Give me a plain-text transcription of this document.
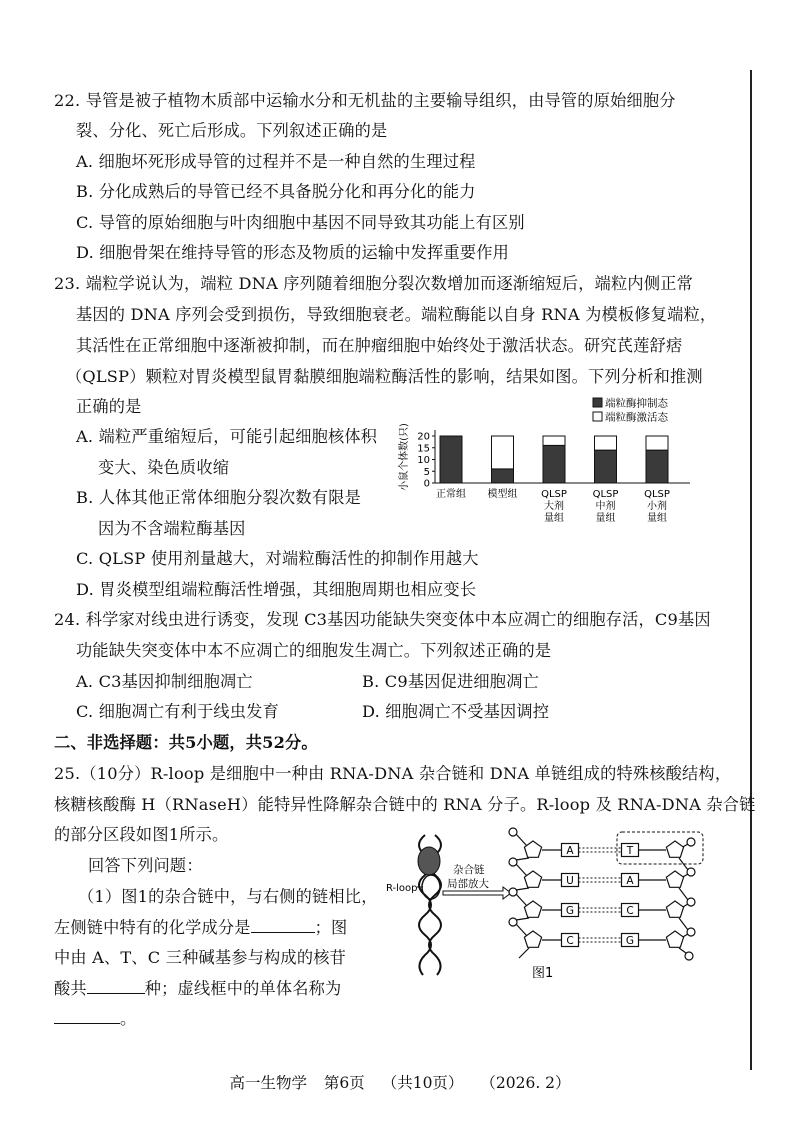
22. 导管是被子植物木质部中运输水分和无机盐的主要输导组织，由导管的原始细胞分
裂、分化、死亡后形成。下列叙述正确的是
A. 细胞坏死形成导管的过程并不是一种自然的生理过程
B. 分化成熟后的导管已经不具备脱分化和再分化的能力
C. 导管的原始细胞与叶肉细胞中基因不同导致其功能上有区别
D. 细胞骨架在维持导管的形态及物质的运输中发挥重要作用
23. 端粒学说认为，端粒 DNA 序列随着细胞分裂次数增加而逐渐缩短后，端粒内侧正常
基因的 DNA 序列会受到损伤，导致细胞衰老。端粒酶能以自身 RNA 为模板修复端粒，
其活性在正常细胞中逐渐被抑制，而在肿瘤细胞中始终处于激活状态。研究芪莲舒痞
（QLSP）颗粒对胃炎模型鼠胃黏膜细胞端粒酶活性的影响，结果如图。下列分析和推测
正确的是
A. 端粒严重缩短后，可能引起细胞核体积
变大、染色质收缩
B. 人体其他正常体细胞分裂次数有限是
因为不含端粒酶基因
C. QLSP 使用剂量越大，对端粒酶活性的抑制作用越大
D. 胃炎模型组端粒酶活性增强，其细胞周期也相应变长
小鼠个体数(只) 0
5
10
15
20
正常组 模型组 QLSP
大剂
量组
QLSP
中剂
量组
QLSP
小剂
量组
端粒酶抑制态
端粒酶激活态
24. 科学家对线虫进行诱变，发现 C3基因功能缺失突变体中本应凋亡的细胞存活，C9基因
功能缺失突变体中本不应凋亡的细胞发生凋亡。下列叙述正确的是
A. C3基因抑制细胞凋亡	B. C9基因促进细胞凋亡
C. 细胞凋亡有利于线虫发育	D. 细胞凋亡不受基因调控
二、非选择题：共5小题，共52分。
25.（10分）R-loop 是细胞中一种由 RNA-DNA 杂合链和 DNA 单链组成的特殊核酸结构，
核糖核酸酶 H（RNaseH）能特异性降解杂合链中的 RNA 分子。R-loop 及 RNA-DNA 杂合链
的部分区段如图1所示。
回答下列问题：
（1）图1的杂合链中，与右侧的链相比，
左侧链中特有的化学成分是	；图
中由 A、T、C 三种碱基参与构成的核苷
酸共	种；虚线框中的单体名称为
。
R-loop
杂合链
局部放大
A	T
U	A
G	C
C	G
图1
高一生物学 第6页 （共10页） （2026. 2）
